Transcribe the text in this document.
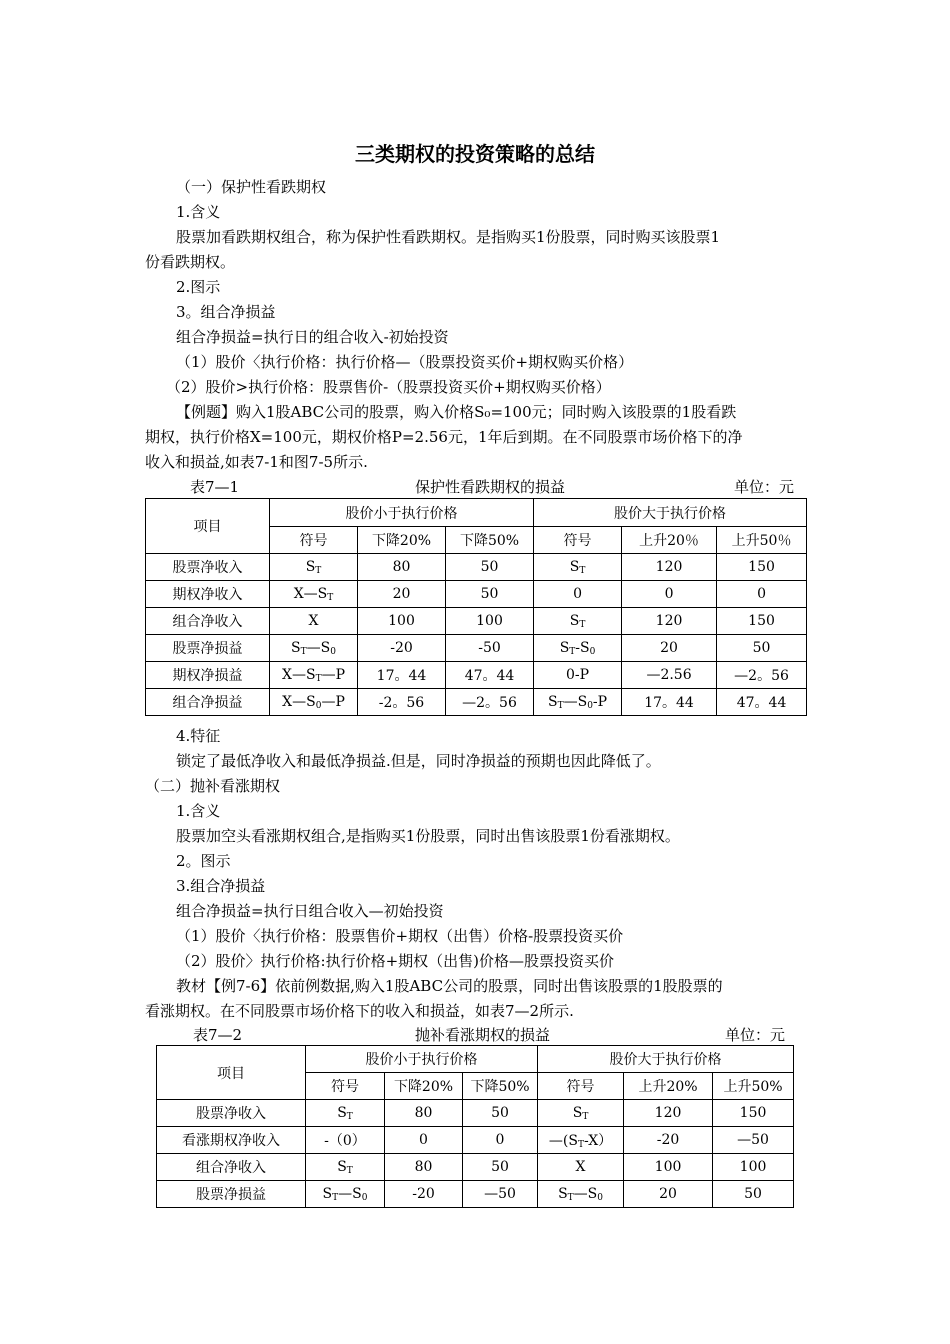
三类期权的投资策略的总结
（一）保护性看跌期权
1.含义
股票加看跌期权组合，称为保护性看跌期权。是指购买1份股票，同时购买该股票1
份看跌期权。
2.图示
3。组合净损益
组合净损益=执行日的组合收入-初始投资
（1）股价〈执行价格：执行价格—（股票投资买价+期权购买价格）
（2）股价>执行价格：股票售价-（股票投资买价+期权购买价格）
【例题】购入1股ABC公司的股票，购入价格S₀=100元；同时购入该股票的1股看跌
期权，执行价格X=100元，期权价格P=2.56元，1年后到期。在不同股票市场价格下的净
收入和损益,如表7-1和图7-5所示.
表7—1	保护性看跌期权的损益	单位：元
项目	股价小于执行价格			股价大于执行价格		
	符号	下降20%	下降50%	符号	上升20％	上升50％
股票净收入	$S_T$	80	50	$S_T$	120	150
期权净收入	$X—S_T$	20	50	0	0	0
组合净收入	X	100	100	$S_T$	120	150
股票净损益	$S_T—S_0$	-20	-50	$S_T-S_0$	20	50
期权净损益	$X—S_T—P$	17。44	47。44	0-P	—2.56	—2。56
组合净损益	$X—S_0—P$	-2。56	—2。56	$S_T—S_0-P$	17。44	47。44
4.特征
锁定了最低净收入和最低净损益.但是，同时净损益的预期也因此降低了。
（二）抛补看涨期权
1.含义
股票加空头看涨期权组合,是指购买1份股票，同时出售该股票1份看涨期权。
2。图示
3.组合净损益
组合净损益=执行日组合收入—初始投资
（1）股价〈执行价格：股票售价+期权（出售）价格-股票投资买价
（2）股价〉执行价格:执行价格+期权（出售)价格—股票投资买价
教材【例7-6】依前例数据,购入1股ABC公司的股票，同时出售该股票的1股股票的
看涨期权。在不同股票市场价格下的收入和损益，如表7—2所示.
表7—2	抛补看涨期权的损益	单位：元
项目	股价小于执行价格			股价大于执行价格		
	符号	下降20%	下降50%	符号	上升20%	上升50%
股票净收入	$S_T$	80	50	$S_T$	120	150
看涨期权净收入	-（0）	0	0	$—(S_T-X)$	-20	—50
组合净收入	$S_T$	80	50	X	100	100
股票净损益	$S_T—S_0$	-20	—50	$S_T—S_0$	20	50
